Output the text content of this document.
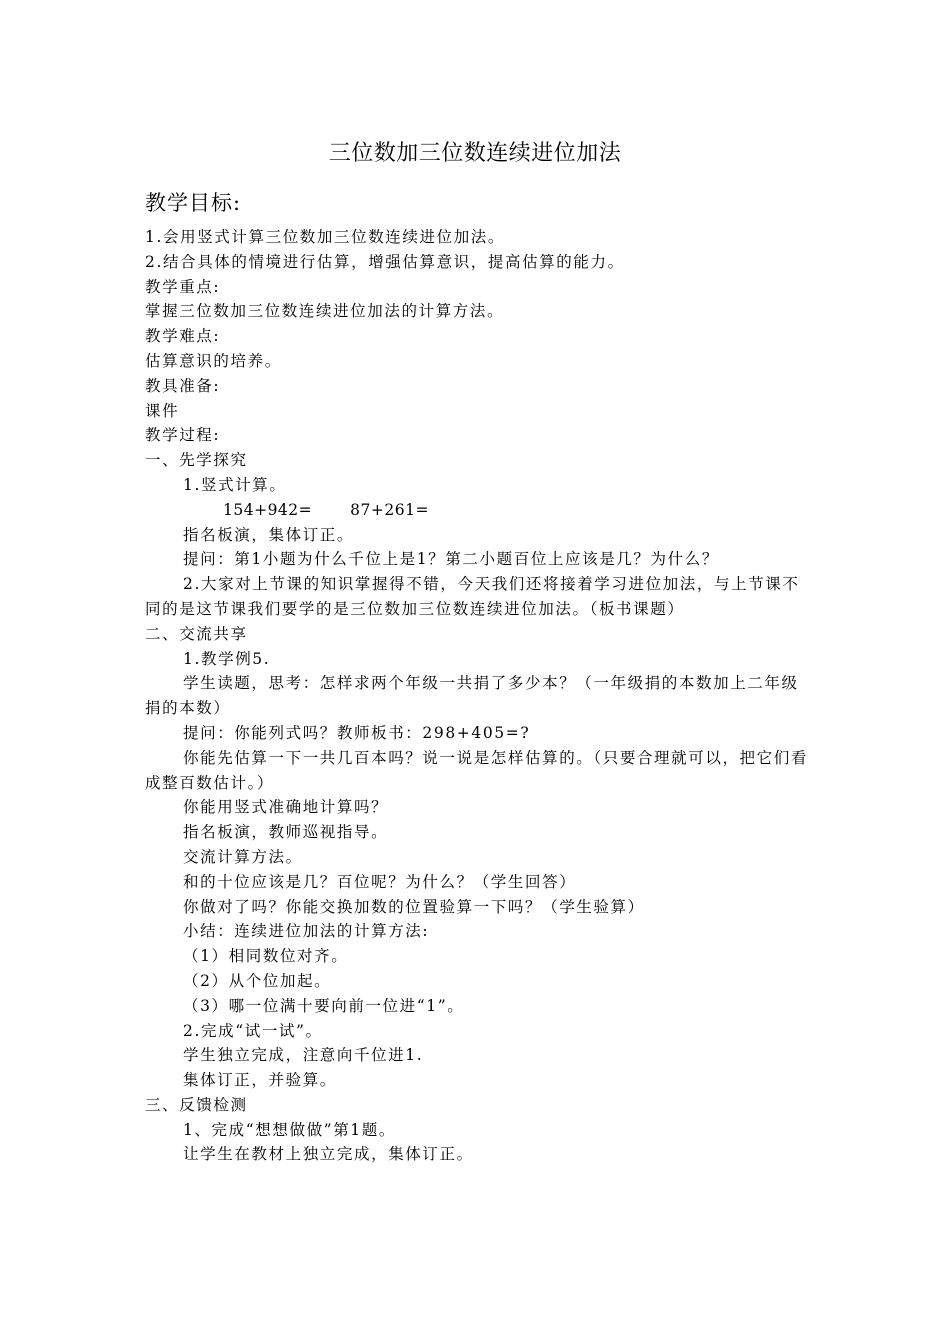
三位数加三位数连续进位加法
教学目标:

1.会用竖式计算三位数加三位数连续进位加法。

2.结合具体的情境进行估算，增强估算意识，提高估算的能力。

教学重点:

掌握三位数加三位数连续进位加法的计算方法。

教学难点:

估算意识的培养。

教具准备:

课件

教学过程:

一、先学探究

1.竖式计算。

154+942= 87+261=

指名板演，集体订正。

提问：第1小题为什么千位上是1？第二小题百位上应该是几？为什么？

2.大家对上节课的知识掌握得不错，今天我们还将接着学习进位加法，与上节课不同的是这节课我们要学的是三位数加三位数连续进位加法。（板书课题）

二、交流共享

1.教学例5.

学生读题，思考：怎样求两个年级一共捐了多少本？（一年级捐的本数加上二年级捐的本数）

提问：你能列式吗？教师板书：298+405=?

你能先估算一下一共几百本吗？说一说是怎样估算的。（只要合理就可以，把它们看成整百数估计。）

你能用竖式准确地计算吗？

指名板演，教师巡视指导。

交流计算方法。

和的十位应该是几？百位呢？为什么？（学生回答）

你做对了吗？你能交换加数的位置验算一下吗？（学生验算）

小结：连续进位加法的计算方法:

（1）相同数位对齐。

（2）从个位加起。

（3）哪一位满十要向前一位进“1”。

2.完成“试一试”。

学生独立完成，注意向千位进1.

集体订正，并验算。

三、反馈检测

1、完成“想想做做”第1题。

让学生在教材上独立完成，集体订正。
